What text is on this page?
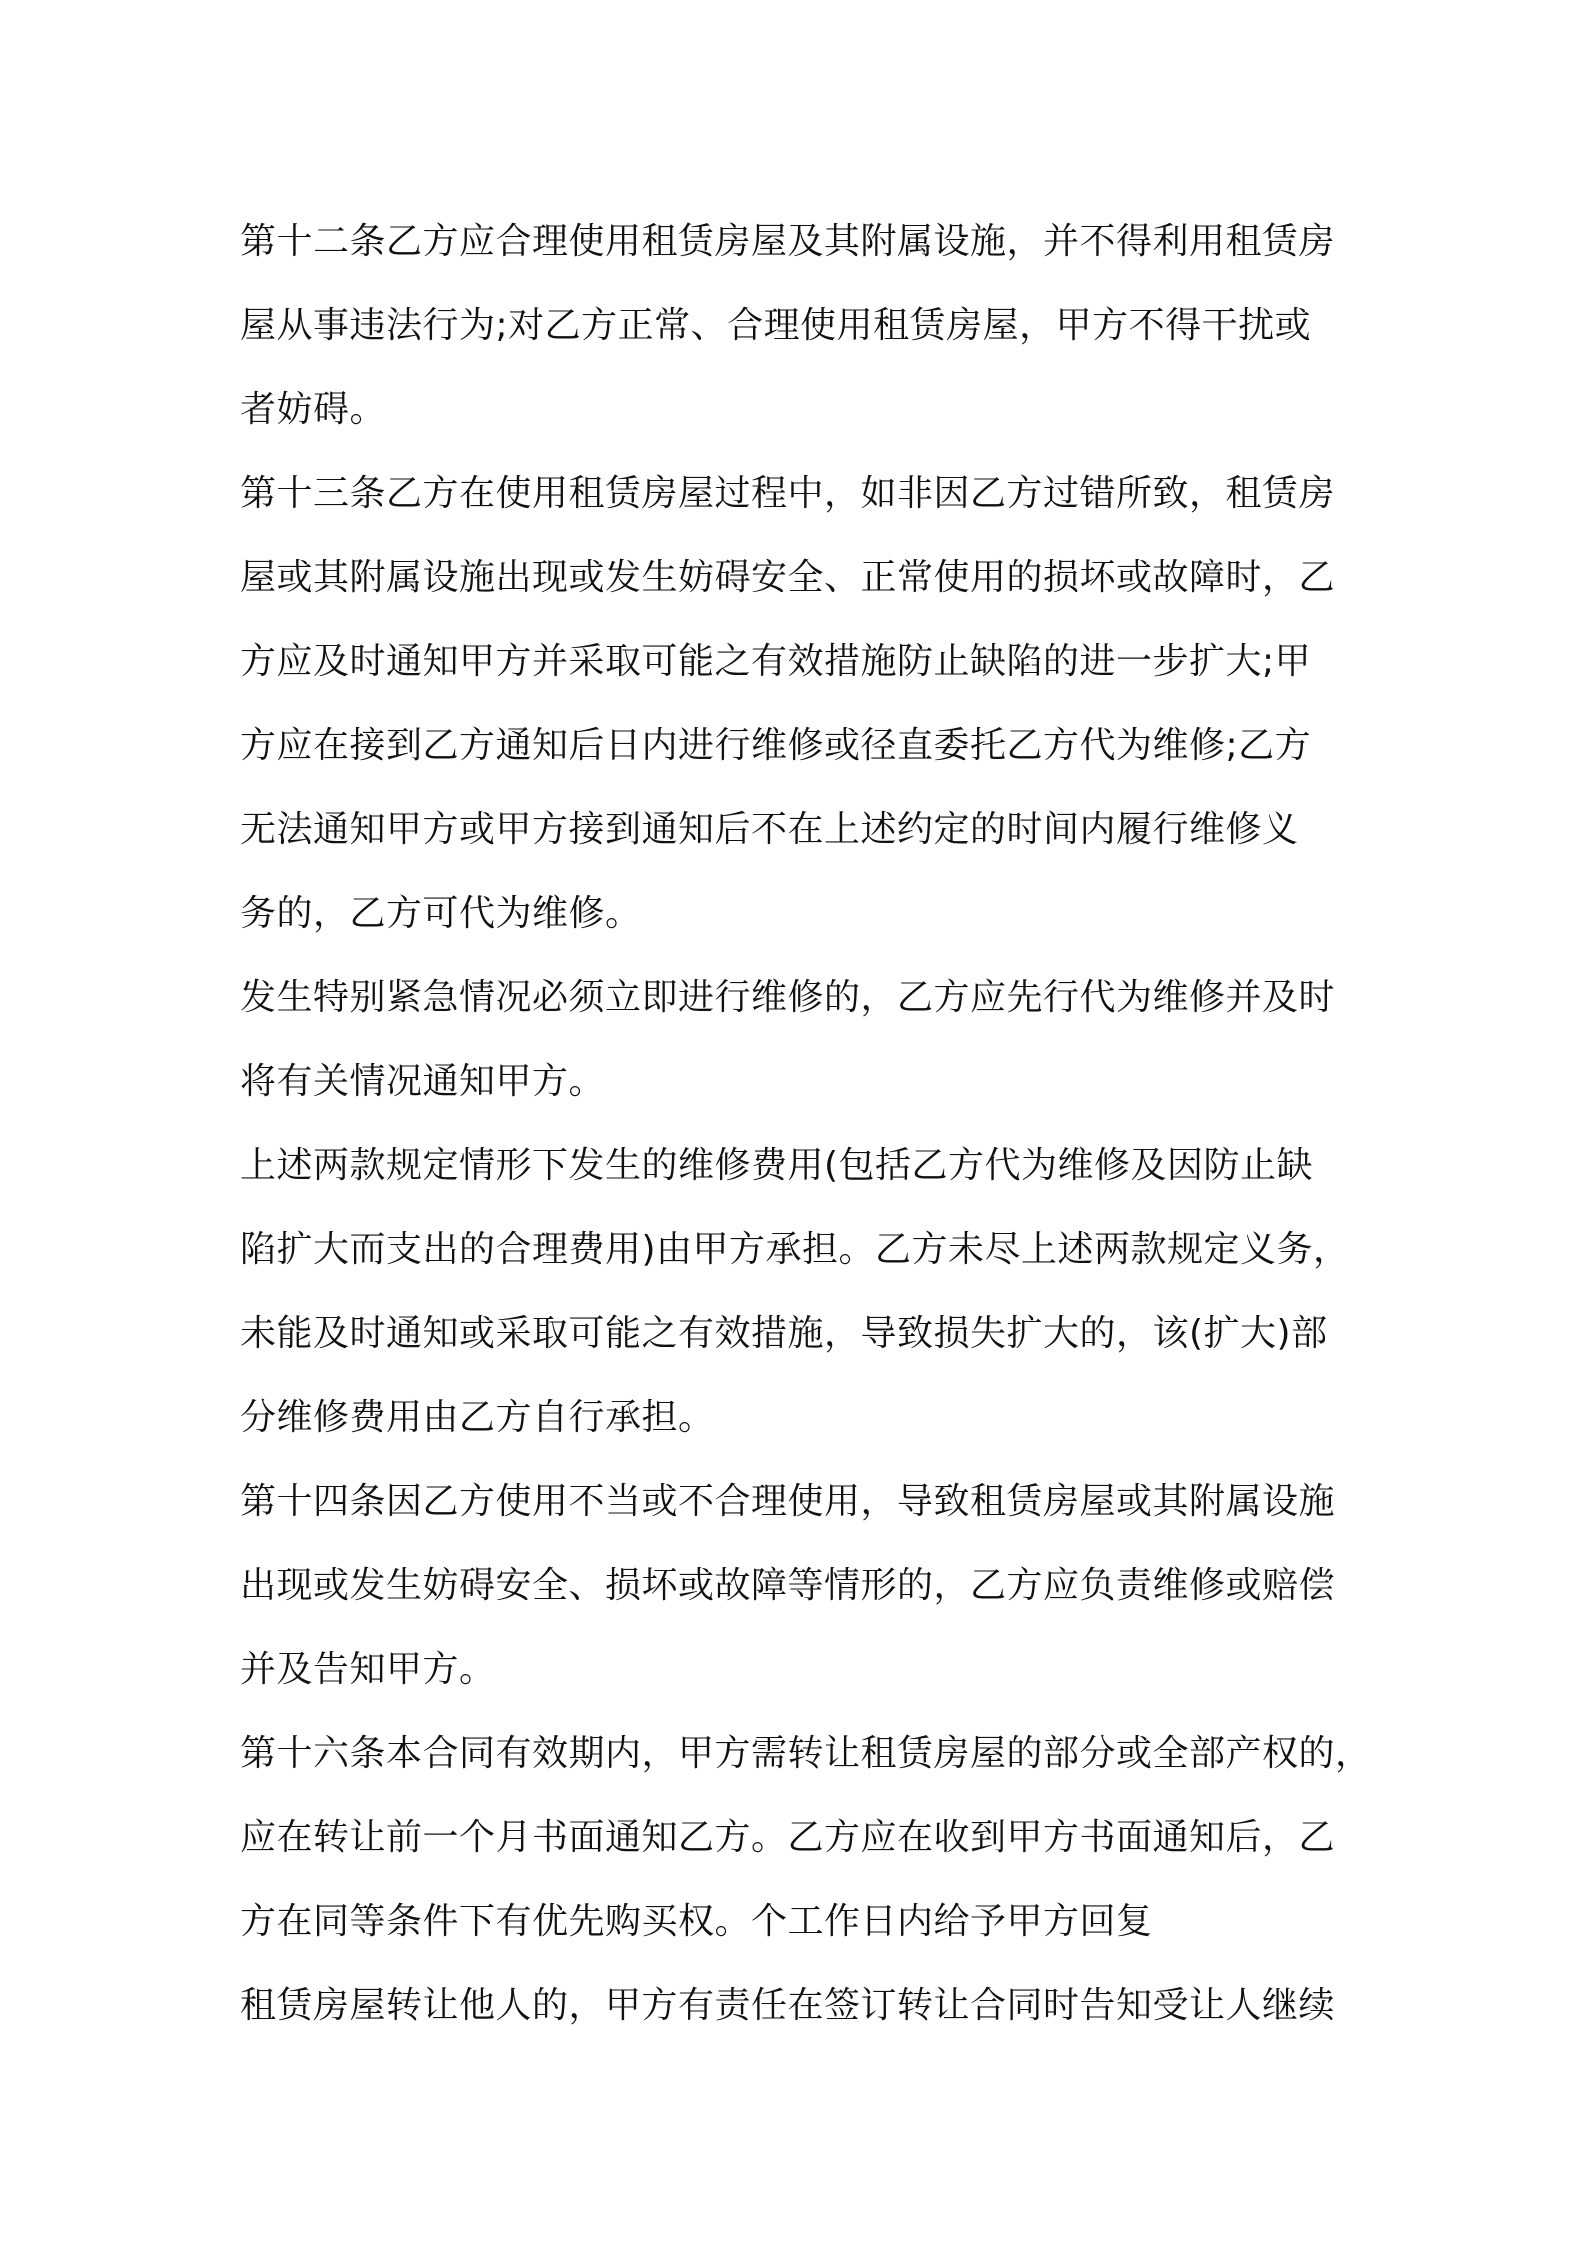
第十二条乙方应合理使用租赁房屋及其附属设施，并不得利用租赁房
屋从事违法行为;对乙方正常、合理使用租赁房屋，甲方不得干扰或
者妨碍。
第十三条乙方在使用租赁房屋过程中，如非因乙方过错所致，租赁房
屋或其附属设施出现或发生妨碍安全、正常使用的损坏或故障时，乙
方应及时通知甲方并采取可能之有效措施防止缺陷的进一步扩大;甲
方应在接到乙方通知后日内进行维修或径直委托乙方代为维修;乙方
无法通知甲方或甲方接到通知后不在上述约定的时间内履行维修义
务的，乙方可代为维修。
发生特别紧急情况必须立即进行维修的，乙方应先行代为维修并及时
将有关情况通知甲方。
上述两款规定情形下发生的维修费用(包括乙方代为维修及因防止缺
陷扩大而支出的合理费用)由甲方承担。乙方未尽上述两款规定义务，
未能及时通知或采取可能之有效措施，导致损失扩大的，该(扩大)部
分维修费用由乙方自行承担。
第十四条因乙方使用不当或不合理使用，导致租赁房屋或其附属设施
出现或发生妨碍安全、损坏或故障等情形的，乙方应负责维修或赔偿
并及告知甲方。
第十六条本合同有效期内，甲方需转让租赁房屋的部分或全部产权的，
应在转让前一个月书面通知乙方。乙方应在收到甲方书面通知后，乙
方在同等条件下有优先购买权。个工作日内给予甲方回复
租赁房屋转让他人的，甲方有责任在签订转让合同时告知受让人继续
